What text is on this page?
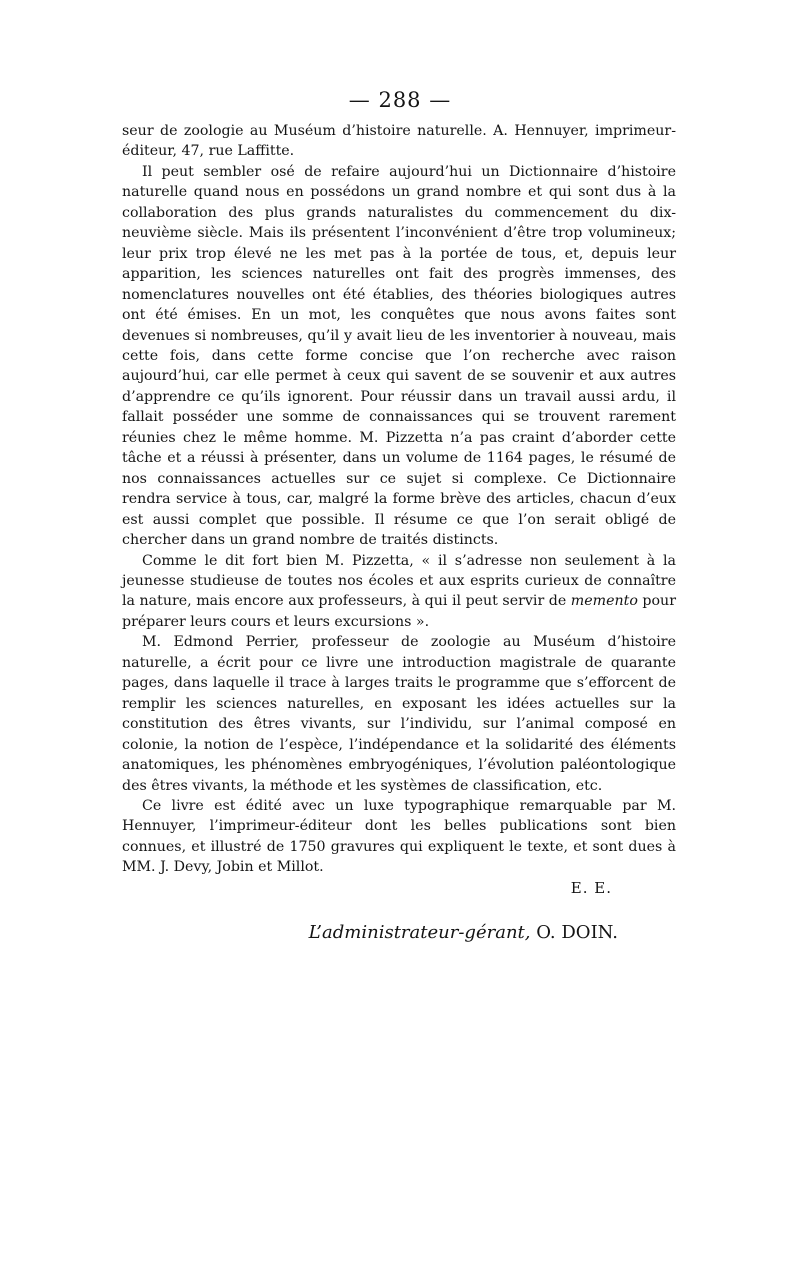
— 288 —

seur de zoologie au Muséum d’histoire naturelle. A. Hennuyer, imprimeur-éditeur, 47, rue Laffitte.

Il peut sembler osé de refaire aujourd’hui un Dictionnaire d’histoire naturelle quand nous en possédons un grand nombre et qui sont dus à la collaboration des plus grands naturalistes du commencement du dix-neuvième siècle. Mais ils présentent l’inconvénient d’être trop volumineux; leur prix trop élevé ne les met pas à la portée de tous, et, depuis leur apparition, les sciences naturelles ont fait des progrès immenses, des nomenclatures nouvelles ont été établies, des théories biologiques autres ont été émises. En un mot, les conquêtes que nous avons faites sont devenues si nombreuses, qu’il y avait lieu de les inventorier à nouveau, mais cette fois, dans cette forme concise que l’on recherche avec raison aujourd’hui, car elle permet à ceux qui savent de se souvenir et aux autres d’apprendre ce qu’ils ignorent. Pour réussir dans un travail aussi ardu, il fallait posséder une somme de connaissances qui se trouvent rarement réunies chez le même homme. M. Pizzetta n’a pas craint d’aborder cette tâche et a réussi à présenter, dans un volume de 1164 pages, le résumé de nos connaissances actuelles sur ce sujet si complexe. Ce Dictionnaire rendra service à tous, car, malgré la forme brève des articles, chacun d’eux est aussi complet que possible. Il résume ce que l’on serait obligé de chercher dans un grand nombre de traités distincts.

Comme le dit fort bien M. Pizzetta, « il s’adresse non seulement à la jeunesse studieuse de toutes nos écoles et aux esprits curieux de connaître la nature, mais encore aux professeurs, à qui il peut servir de memento pour préparer leurs cours et leurs excursions ».

M. Edmond Perrier, professeur de zoologie au Muséum d’histoire naturelle, a écrit pour ce livre une introduction magistrale de quarante pages, dans laquelle il trace à larges traits le programme que s’efforcent de remplir les sciences naturelles, en exposant les idées actuelles sur la constitution des êtres vivants, sur l’individu, sur l’animal composé en colonie, la notion de l’espèce, l’indépendance et la solidarité des éléments anatomiques, les phénomènes embryogéniques, l’évolution paléontologique des êtres vivants, la méthode et les systèmes de classification, etc.

Ce livre est édité avec un luxe typographique remarquable par M. Hennuyer, l’imprimeur-éditeur dont les belles publications sont bien connues, et illustré de 1750 gravures qui expliquent le texte, et sont dues à MM. J. Devy, Jobin et Millot.

E. E.
L’administrateur-gérant, O. DOIN.
